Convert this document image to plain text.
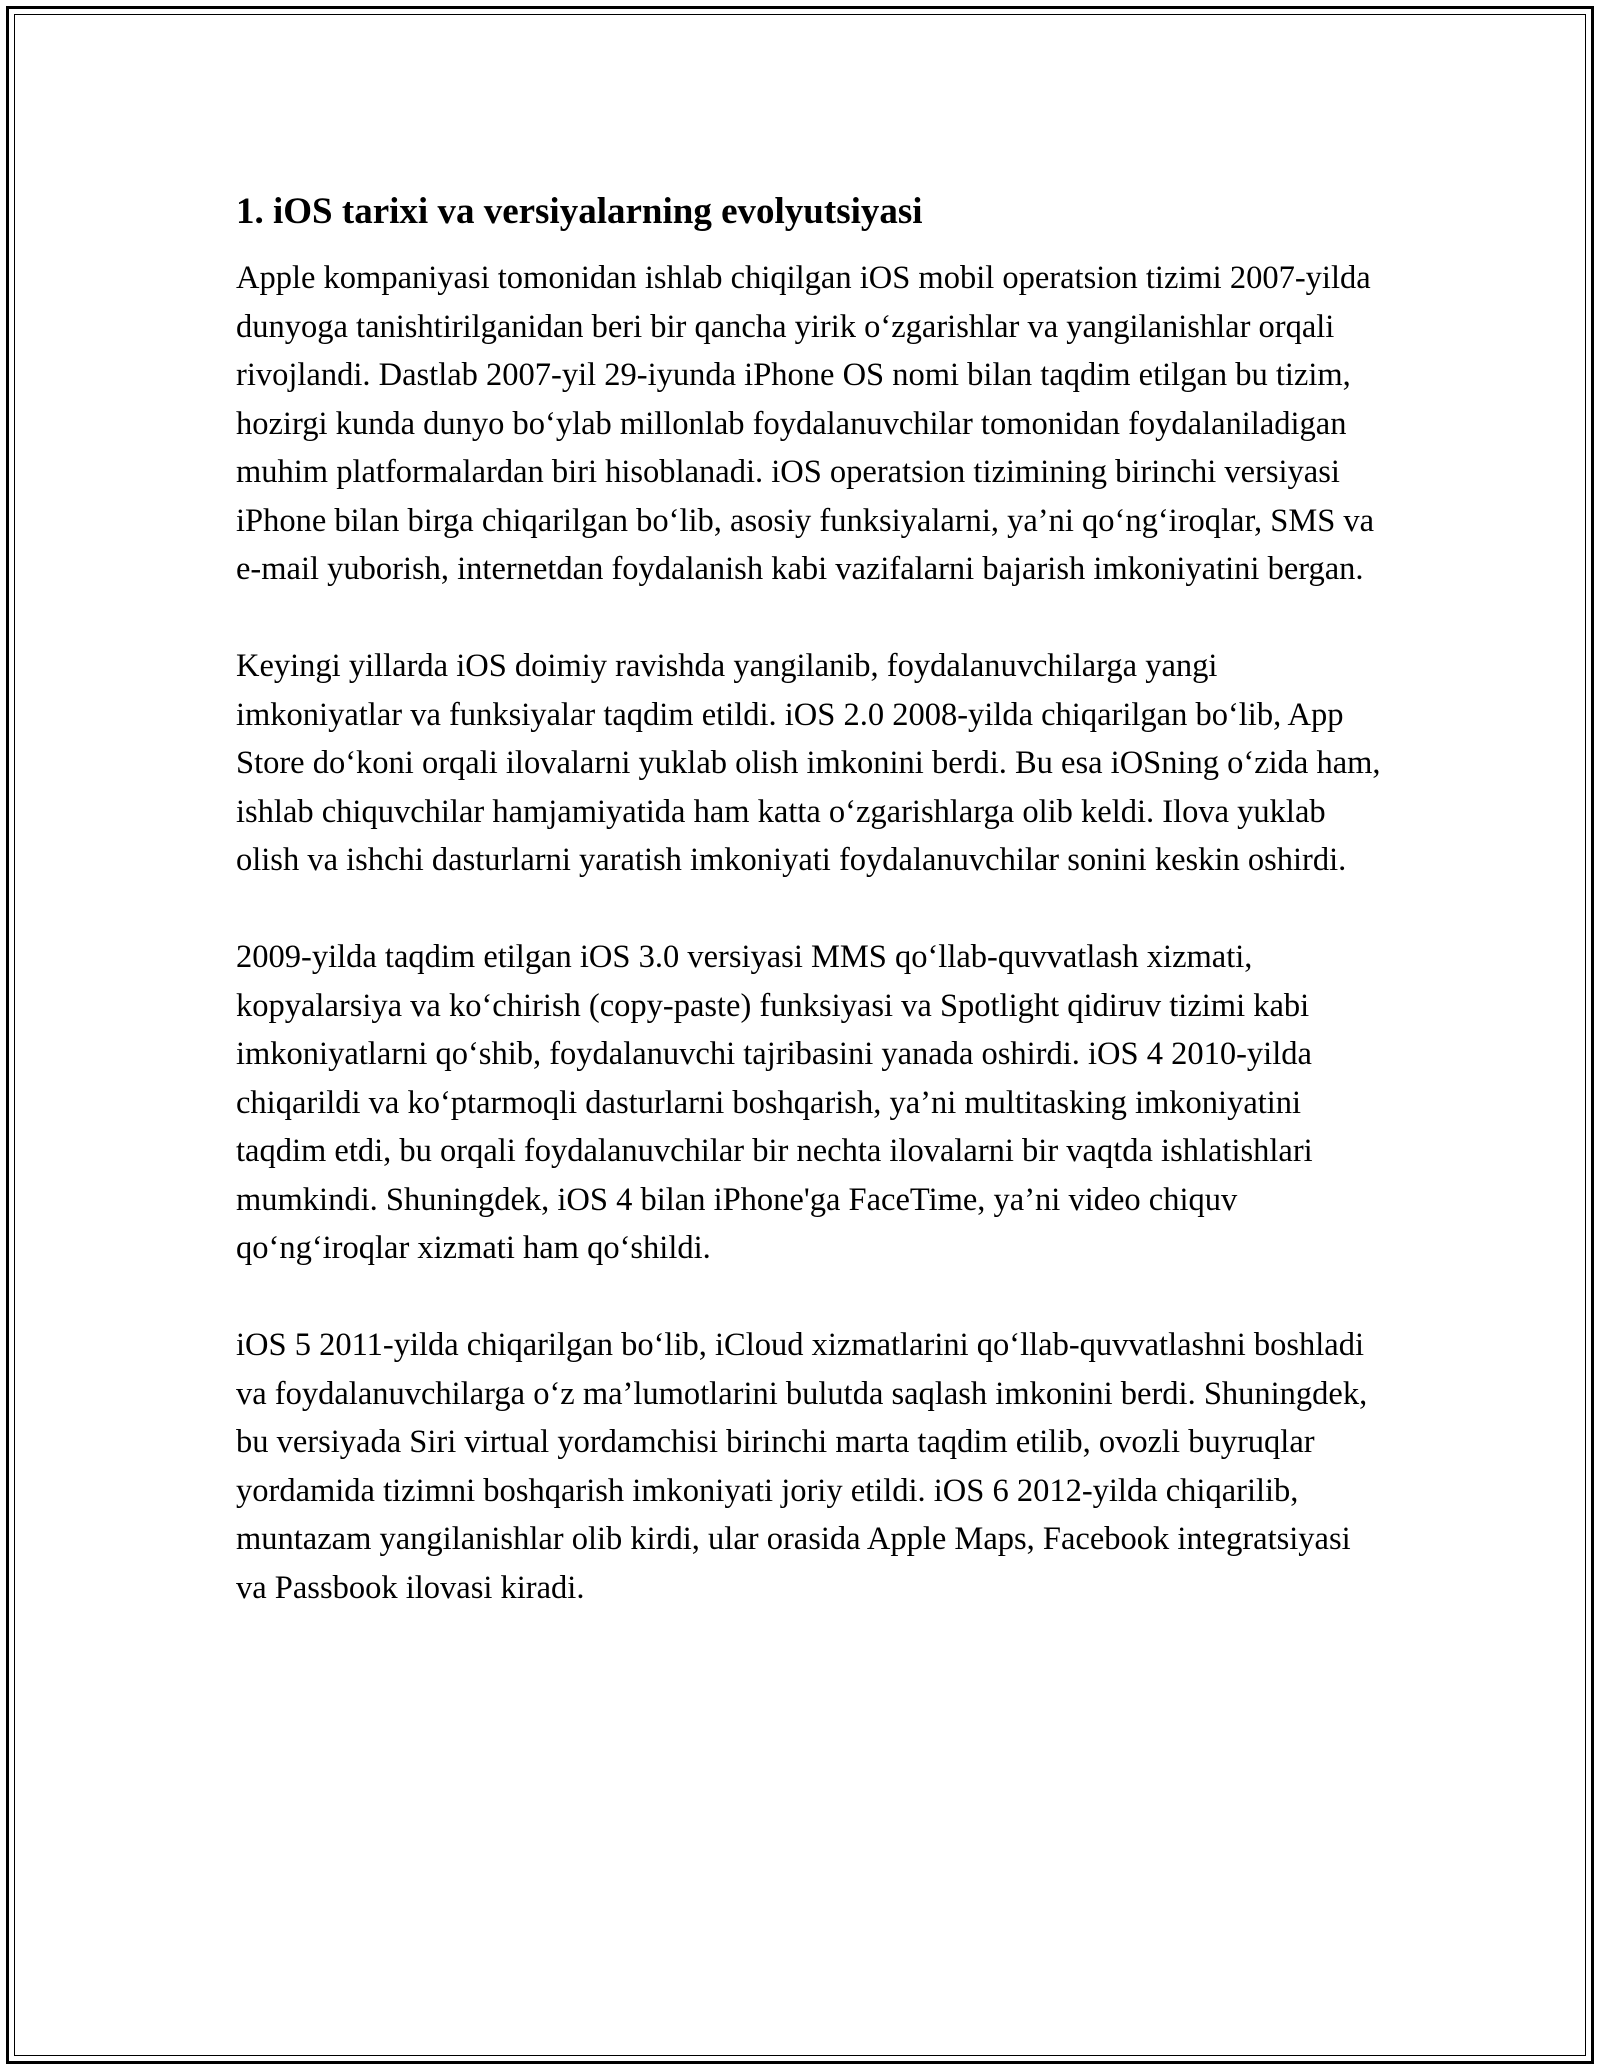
1. iOS tarixi va versiyalarning evolyutsiyasi

Apple kompaniyasi tomonidan ishlab chiqilgan iOS mobil operatsion tizimi 2007-yilda dunyoga tanishtirilganidan beri bir qancha yirik o‘zgarishlar va yangilanishlar orqali rivojlandi. Dastlab 2007-yil 29-iyunda iPhone OS nomi bilan taqdim etilgan bu tizim, hozirgi kunda dunyo bo‘ylab millonlab foydalanuvchilar tomonidan foydalaniladigan muhim platformalardan biri hisoblanadi. iOS operatsion tizimining birinchi versiyasi iPhone bilan birga chiqarilgan bo‘lib, asosiy funksiyalarni, ya’ni qo‘ng‘iroqlar, SMS va e-mail yuborish, internetdan foydalanish kabi vazifalarni bajarish imkoniyatini bergan.

Keyingi yillarda iOS doimiy ravishda yangilanib, foydalanuvchilarga yangi imkoniyatlar va funksiyalar taqdim etildi. iOS 2.0 2008-yilda chiqarilgan bo‘lib, App Store do‘koni orqali ilovalarni yuklab olish imkonini berdi. Bu esa iOSning o‘zida ham, ishlab chiquvchilar hamjamiyatida ham katta o‘zgarishlarga olib keldi. Ilova yuklab olish va ishchi dasturlarni yaratish imkoniyati foydalanuvchilar sonini keskin oshirdi.

2009-yilda taqdim etilgan iOS 3.0 versiyasi MMS qo‘llab-quvvatlash xizmati, kopyalarsiya va ko‘chirish (copy-paste) funksiyasi va Spotlight qidiruv tizimi kabi imkoniyatlarni qo‘shib, foydalanuvchi tajribasini yanada oshirdi. iOS 4 2010-yilda chiqarildi va ko‘ptarmoqli dasturlarni boshqarish, ya’ni multitasking imkoniyatini taqdim etdi, bu orqali foydalanuvchilar bir nechta ilovalarni bir vaqtda ishlatishlari mumkindi. Shuningdek, iOS 4 bilan iPhone'ga FaceTime, ya’ni video chiquv qo‘ng‘iroqlar xizmati ham qo‘shildi.

iOS 5 2011-yilda chiqarilgan bo‘lib, iCloud xizmatlarini qo‘llab-quvvatlashni boshladi va foydalanuvchilarga o‘z ma’lumotlarini bulutda saqlash imkonini berdi. Shuningdek, bu versiyada Siri virtual yordamchisi birinchi marta taqdim etilib, ovozli buyruqlar yordamida tizimni boshqarish imkoniyati joriy etildi. iOS 6 2012-yilda chiqarilib, muntazam yangilanishlar olib kirdi, ular orasida Apple Maps, Facebook integratsiyasi va Passbook ilovasi kiradi.
